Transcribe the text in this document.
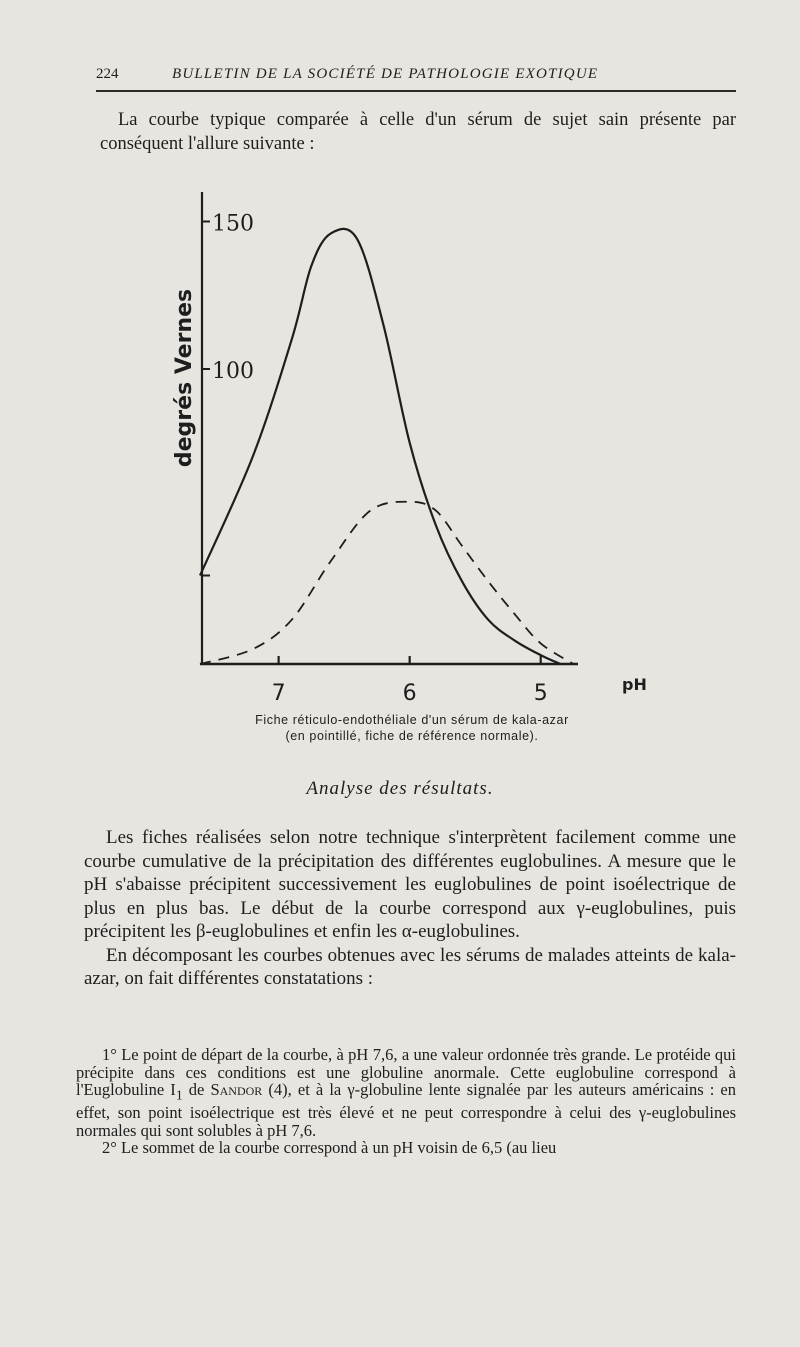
224	BULLETIN DE LA SOCIÉTÉ DE PATHOLOGIE EXOTIQUE
La courbe typique comparée à celle d'un sérum de sujet sain présente par conséquent l'allure suivante :
150
100
7	6	5	pH
degrés Vernes
Fiche réticulo-endothéliale d'un sérum de kala-azar
(en pointillé, fiche de référence normale).
Analyse des résultats.

Les fiches réalisées selon notre technique s'interprètent facilement comme une courbe cumulative de la précipitation des différentes euglobulines. A mesure que le pH s'abaisse précipitent successivement les euglobulines de point isoélectrique de plus en plus bas. Le début de la courbe correspond aux γ-euglobulines, puis précipitent les β-euglobulines et enfin les α-euglobulines.

En décomposant les courbes obtenues avec les sérums de malades atteints de kala-azar, on fait différentes constatations :

1° Le point de départ de la courbe, à pH 7,6, a une valeur ordonnée très grande. Le protéide qui précipite dans ces conditions est une globuline anormale. Cette euglobuline correspond à l'Euglobuline $I_1$ de Sandor (4), et à la γ-globuline lente signalée par les auteurs américains : en effet, son point isoélectrique est très élevé et ne peut correspondre à celui des γ-euglobulines normales qui sont solubles à pH 7,6.

2° Le sommet de la courbe correspond à un pH voisin de 6,5 (au lieu
